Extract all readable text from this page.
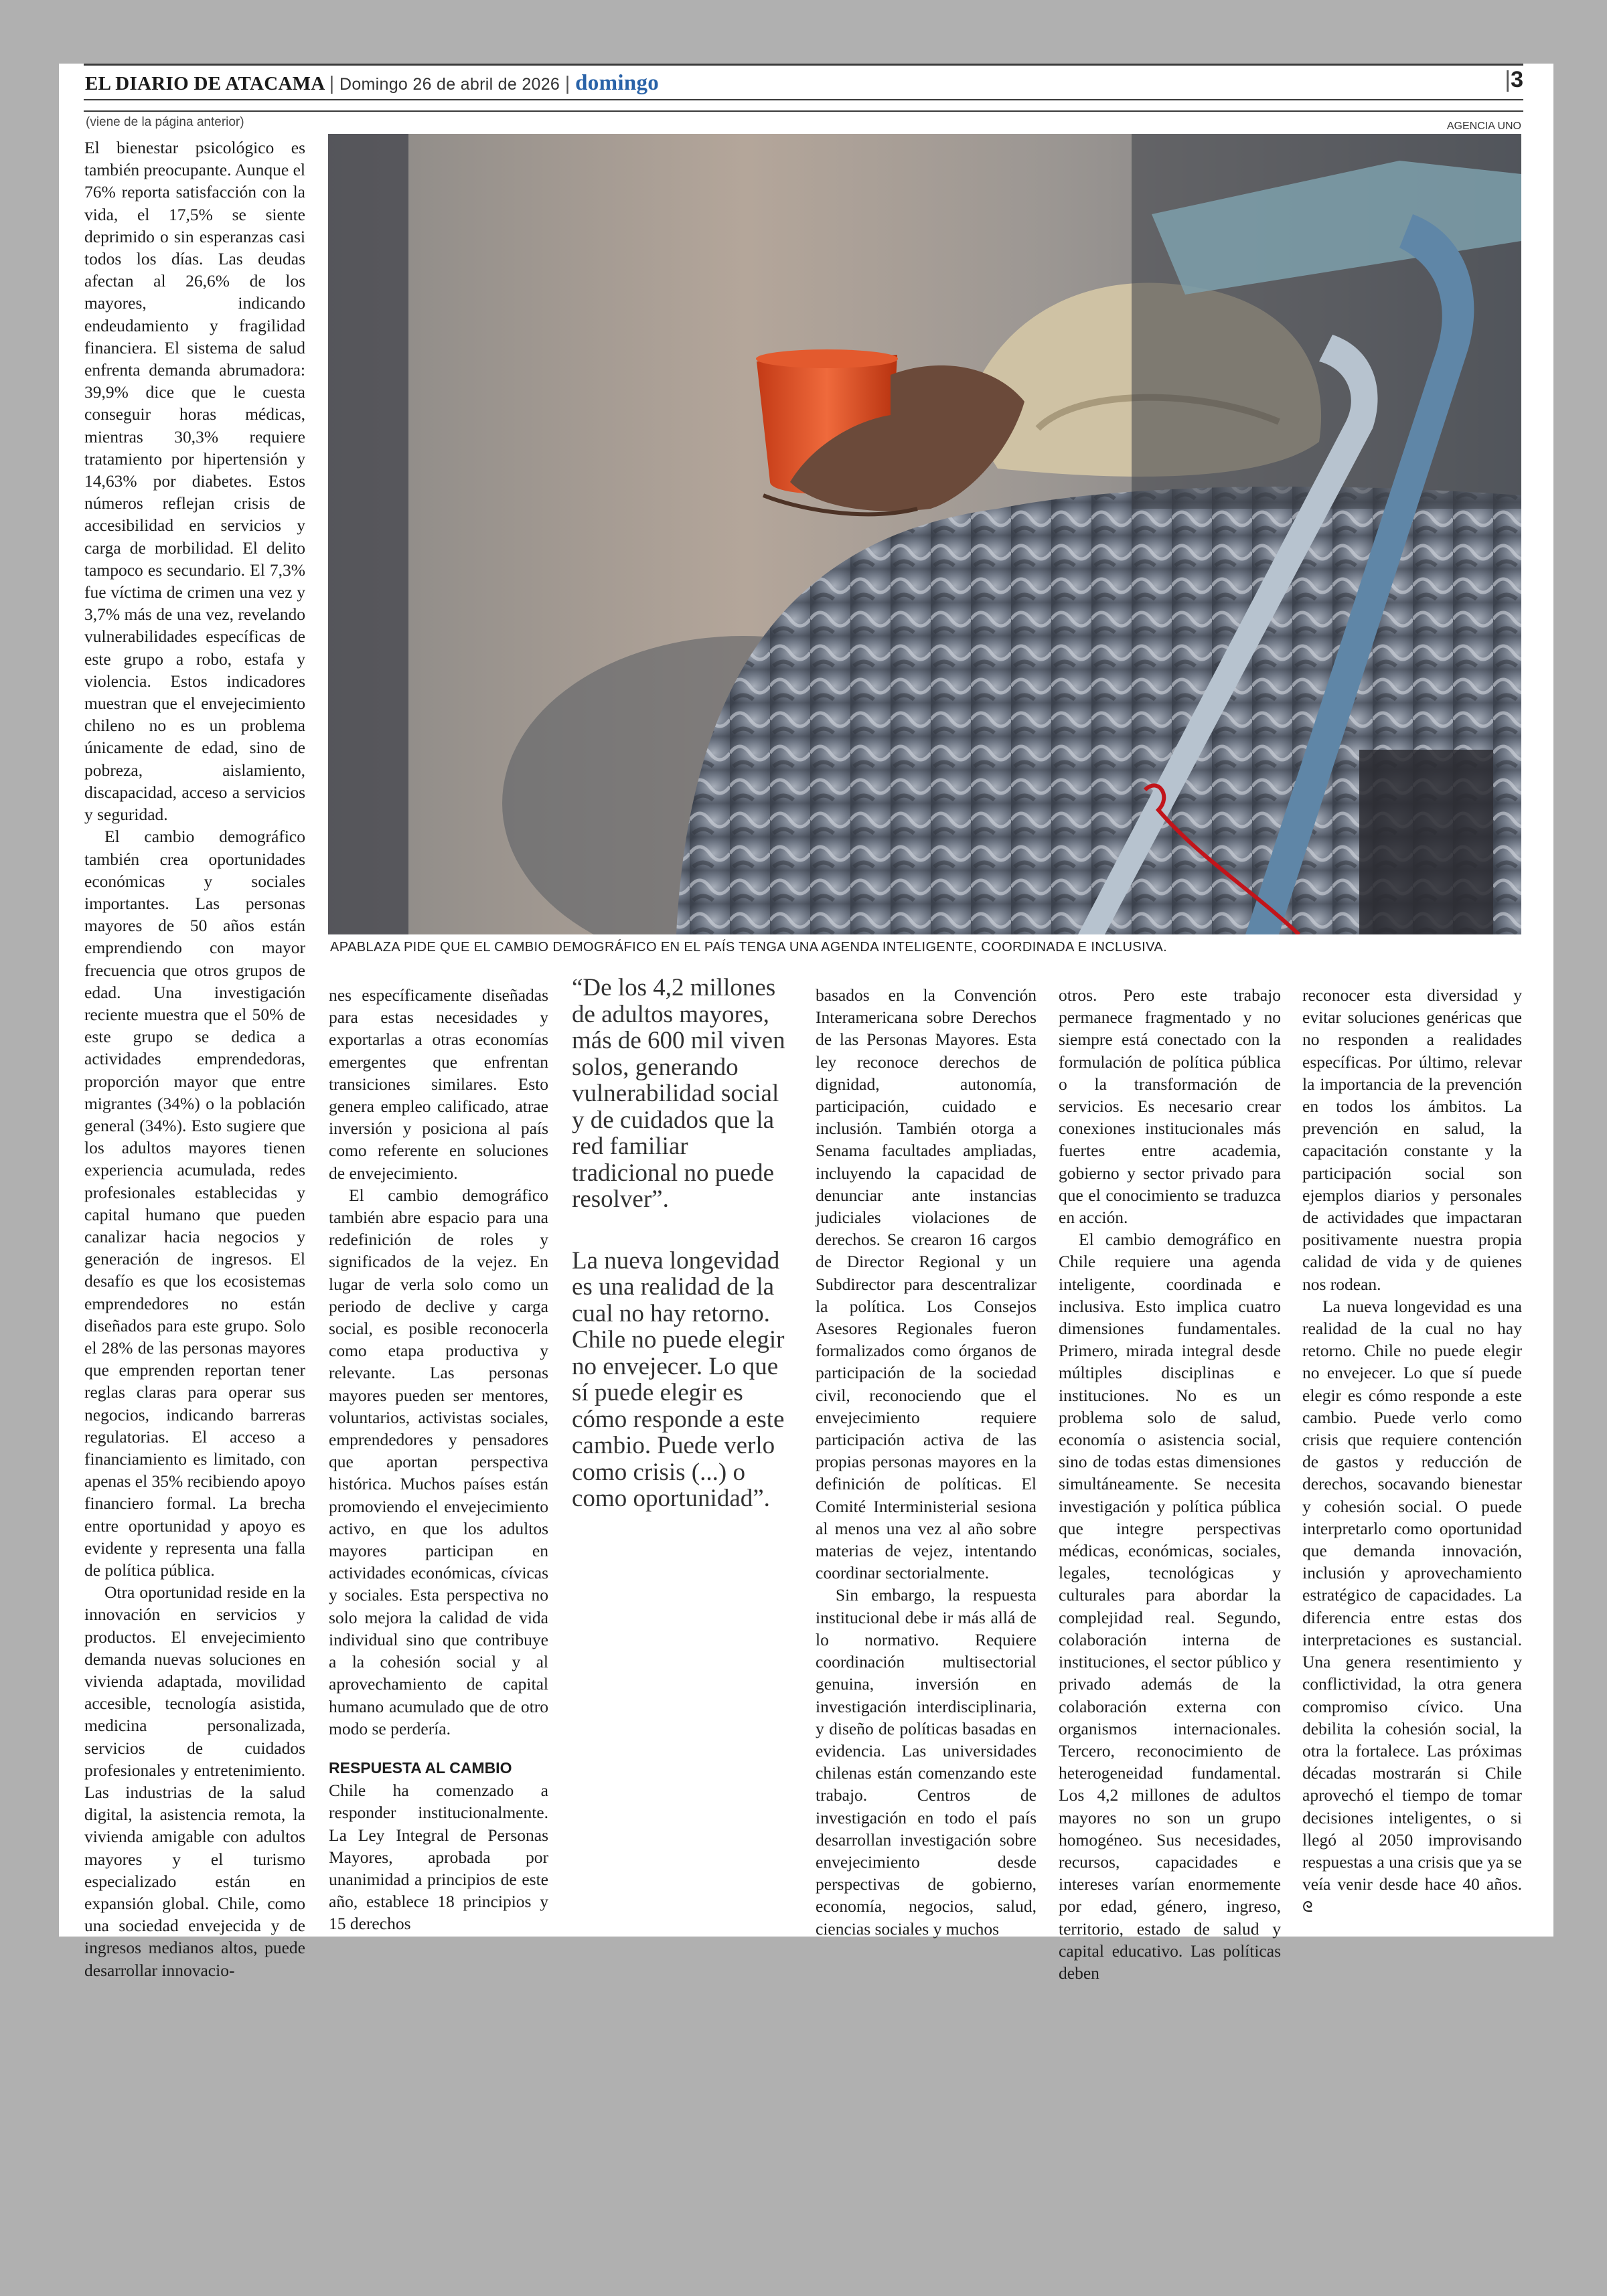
EL DIARIO DE ATACAMA | Domingo 26 de abril de 2026 | domingo	|3
(viene de la página anterior)	AGENCIA UNO
APABLAZA PIDE QUE EL CAMBIO DEMOGRÁFICO EN EL PAÍS TENGA UNA AGENDA INTELIGENTE, COORDINADA E INCLUSIVA.

El bienestar psicológico es también preocupante. Aunque el 76% reporta satisfacción con la vida, el 17,5% se siente deprimido o sin esperanzas casi todos los días. Las deudas afectan al 26,6% de los mayores, indicando endeudamiento y fragilidad financiera. El sistema de salud enfrenta demanda abrumadora: 39,9% dice que le cuesta conseguir horas médicas, mientras 30,3% requiere tratamiento por hipertensión y 14,63% por diabetes. Estos números reflejan crisis de accesibilidad en servicios y carga de morbilidad. El delito tampoco es secundario. El 7,3% fue víctima de crimen una vez y 3,7% más de una vez, revelando vulnerabilidades específicas de este grupo a robo, estafa y violencia. Estos indicadores muestran que el envejecimiento chileno no es un problema únicamente de edad, sino de pobreza, aislamiento, discapacidad, acceso a servicios y seguridad.

El cambio demográfico también crea oportunidades económicas y sociales importantes. Las personas mayores de 50 años están emprendiendo con mayor frecuencia que otros grupos de edad. Una investigación reciente muestra que el 50% de este grupo se dedica a actividades emprendedoras, proporción mayor que entre migrantes (34%) o la población general (34%). Esto sugiere que los adultos mayores tienen experiencia acumulada, redes profesionales establecidas y capital humano que pueden canalizar hacia negocios y generación de ingresos. El desafío es que los ecosistemas emprendedores no están diseñados para este grupo. Solo el 28% de las personas mayores que emprenden reportan tener reglas claras para operar sus negocios, indicando barreras regulatorias. El acceso a financiamiento es limitado, con apenas el 35% recibiendo apoyo financiero formal. La brecha entre oportunidad y apoyo es evidente y representa una falla de política pública.

Otra oportunidad reside en la innovación en servicios y productos. El envejecimiento demanda nuevas soluciones en vivienda adaptada, movilidad accesible, tecnología asistida, medicina personalizada, servicios de cuidados profesionales y entretenimiento. Las industrias de la salud digital, la asistencia remota, la vivienda amigable con adultos mayores y el turismo especializado están en expansión global. Chile, como una sociedad envejecida y de ingresos medianos altos, puede desarrollar innovacio-

nes específicamente diseñadas para estas necesidades y exportarlas a otras economías emergentes que enfrentan transiciones similares. Esto genera empleo calificado, atrae inversión y posiciona al país como referente en soluciones de envejecimiento.

El cambio demográfico también abre espacio para una redefinición de roles y significados de la vejez. En lugar de verla solo como un periodo de declive y carga social, es posible reconocerla como etapa productiva y relevante. Las personas mayores pueden ser mentores, voluntarios, activistas sociales, emprendedores y pensadores que aportan perspectiva histórica. Muchos países están promoviendo el envejecimiento activo, en que los adultos mayores participan en actividades económicas, cívicas y sociales. Esta perspectiva no solo mejora la calidad de vida individual sino que contribuye a la cohesión social y al aprovechamiento de capital humano acumulado que de otro modo se perdería.

RESPUESTA AL CAMBIO

Chile ha comenzado a responder institucionalmente. La Ley Integral de Personas Mayores, aprobada por unanimidad a principios de este año, establece 18 principios y 15 derechos

“De los 4,2 millones de adultos mayores, más de 600 mil viven solos, generando vulnerabilidad social y de cuidados que la red familiar tradicional no puede resolver”.
La nueva longevidad es una realidad de la cual no hay retorno. Chile no puede elegir no envejecer. Lo que sí puede elegir es cómo responde a este cambio. Puede verlo como crisis (...) o como oportunidad”.

basados en la Convención Interamericana sobre Derechos de las Personas Mayores. Esta ley reconoce derechos de dignidad, autonomía, participación, cuidado e inclusión. También otorga a Senama facultades ampliadas, incluyendo la capacidad de denunciar ante instancias judiciales violaciones de derechos. Se crearon 16 cargos de Director Regional y un Subdirector para descentralizar la política. Los Consejos Asesores Regionales fueron formalizados como órganos de participación de la sociedad civil, reconociendo que el envejecimiento requiere participación activa de las propias personas mayores en la definición de políticas. El Comité Interministerial sesiona al menos una vez al año sobre materias de vejez, intentando coordinar sectorialmente.

Sin embargo, la respuesta institucional debe ir más allá de lo normativo. Requiere coordinación multisectorial genuina, inversión en investigación interdisciplinaria, y diseño de políticas basadas en evidencia. Las universidades chilenas están comenzando este trabajo. Centros de investigación en todo el país desarrollan investigación sobre envejecimiento desde perspectivas de gobierno, economía, negocios, salud, ciencias sociales y muchos

otros. Pero este trabajo permanece fragmentado y no siempre está conectado con la formulación de política pública o la transformación de servicios. Es necesario crear conexiones institucionales más fuertes entre academia, gobierno y sector privado para que el conocimiento se traduzca en acción.

El cambio demográfico en Chile requiere una agenda inteligente, coordinada e inclusiva. Esto implica cuatro dimensiones fundamentales. Primero, mirada integral desde múltiples disciplinas e instituciones. No es un problema solo de salud, economía o asistencia social, sino de todas estas dimensiones simultáneamente. Se necesita investigación y política pública que integre perspectivas médicas, económicas, sociales, legales, tecnológicas y culturales para abordar la complejidad real. Segundo, colaboración interna de instituciones, el sector público y privado además de la colaboración externa con organismos internacionales. Tercero, reconocimiento de heterogeneidad fundamental. Los 4,2 millones de adultos mayores no son un grupo homogéneo. Sus necesidades, recursos, capacidades e intereses varían enormemente por edad, género, ingreso, territorio, estado de salud y capital educativo. Las políticas deben

reconocer esta diversidad y evitar soluciones genéricas que no responden a realidades específicas. Por último, relevar la importancia de la prevención en todos los ámbitos. La prevención en salud, la capacitación constante y la participación social son ejemplos diarios y personales de actividades que impactaran positivamente nuestra propia calidad de vida y de quienes nos rodean.

La nueva longevidad es una realidad de la cual no hay retorno. Chile no puede elegir no envejecer. Lo que sí puede elegir es cómo responde a este cambio. Puede verlo como crisis que requiere contención de gastos y reducción de derechos, socavando bienestar y cohesión social. O puede interpretarlo como oportunidad que demanda innovación, inclusión y aprovechamiento estratégico de capacidades. La diferencia entre estas dos interpretaciones es sustancial. Una genera resentimiento y conflictividad, la otra genera compromiso cívico. Una debilita la cohesión social, la otra la fortalece. Las próximas décadas mostrarán si Chile aprovechó el tiempo de tomar decisiones inteligentes, o si llegó al 2050 improvisando respuestas a una crisis que ya se veía venir desde hace 40 años. ᘓ
